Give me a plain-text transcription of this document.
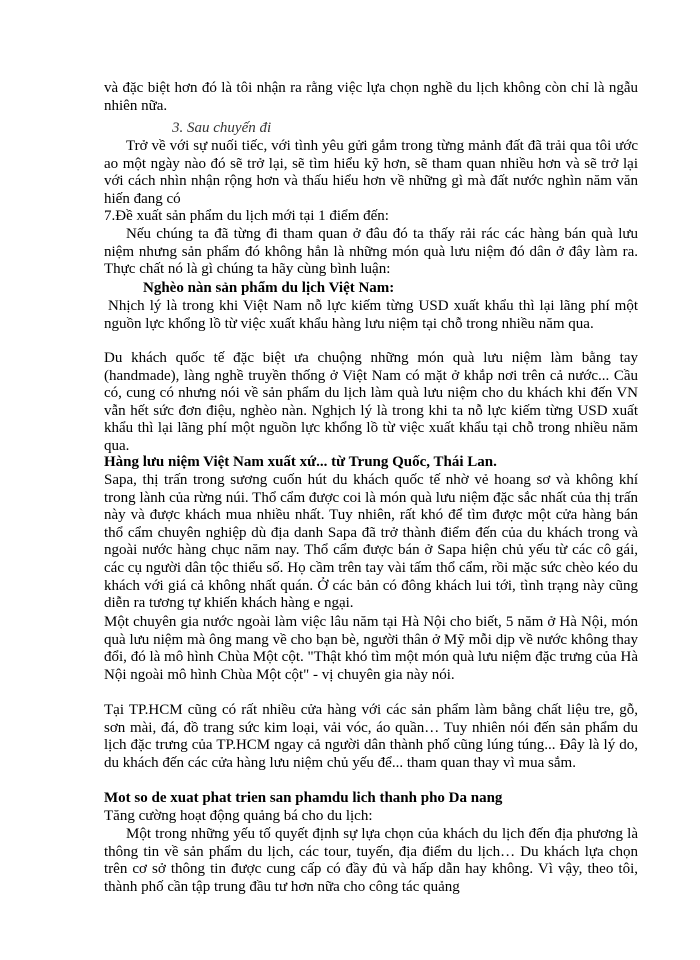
và đặc biệt hơn đó là tôi nhận ra rằng việc lựa chọn nghề du lịch không còn chỉ là ngẫu nhiên nữa.

3. Sau chuyến đi

Trở về với sự nuối tiếc, với tình yêu gửi gắm trong từng mảnh đất đã trải qua tôi ước ao một ngày nào đó sẽ trở lại, sẽ tìm hiểu kỹ hơn, sẽ tham quan nhiều hơn và sẽ trở lại với cách nhìn nhận rộng hơn và thấu hiểu hơn về những gì mà đất nước nghìn năm văn hiến đang có

7.Đề xuất sản phẩm du lịch mới tại 1 điểm đến:

Nếu chúng ta đã từng đi tham quan ở đâu đó ta thấy rải rác các hàng bán quà lưu niệm nhưng sản phẩm đó không hẳn là những món quà lưu niệm đó dân ở đây làm ra. Thực chất nó là gì chúng ta hãy cùng bình luận:

Nghèo nàn sản phẩm du lịch Việt Nam:

Nhịch lý là trong khi Việt Nam nỗ lực kiếm từng USD xuất khẩu thì lại lãng phí một nguồn lực khổng lồ từ việc xuất khẩu hàng lưu niệm tại chỗ trong nhiều năm qua.

Du khách quốc tế đặc biệt ưa chuộng những món quà lưu niệm làm bằng tay (handmade), làng nghề truyền thống ở Việt Nam có mặt ở khắp nơi trên cả nước... Cầu có, cung có nhưng nói về sản phẩm du lịch làm quà lưu niệm cho du khách khi đến VN vẫn hết sức đơn điệu, nghèo nàn. Nghịch lý là trong khi ta nỗ lực kiếm từng USD xuất khẩu thì lại lãng phí một nguồn lực khổng lồ từ việc xuất khẩu tại chỗ trong nhiều năm qua.

Hàng lưu niệm Việt Nam xuất xứ... từ Trung Quốc, Thái Lan.

Sapa, thị trấn trong sương cuốn hút du khách quốc tế nhờ vẻ hoang sơ và không khí trong lành của rừng núi. Thổ cẩm được coi là món quà lưu niệm đặc sắc nhất của thị trấn này và được khách mua nhiều nhất. Tuy nhiên, rất khó để tìm được một cửa hàng bán thổ cẩm chuyên nghiệp dù địa danh Sapa đã trở thành điểm đến của du khách trong và ngoài nước hàng chục năm nay. Thổ cẩm được bán ở Sapa hiện chủ yếu từ các cô gái, các cụ người dân tộc thiểu số. Họ cầm trên tay vài tấm thổ cẩm, rồi mặc sức chèo kéo du khách với giá cả không nhất quán. Ở các bản có đông khách lui tới, tình trạng này cũng diễn ra tương tự khiến khách hàng e ngại.

Một chuyên gia nước ngoài làm việc lâu năm tại Hà Nội cho biết, 5 năm ở Hà Nội, món quà lưu niệm mà ông mang về cho bạn bè, người thân ở Mỹ mỗi dịp về nước không thay đổi, đó là mô hình Chùa Một cột. "Thật khó tìm một món quà lưu niệm đặc trưng của Hà Nội ngoài mô hình Chùa Một cột" - vị chuyên gia này nói.

Tại TP.HCM cũng có rất nhiều cửa hàng với các sản phẩm làm bằng chất liệu tre, gỗ, sơn mài, đá, đồ trang sức kim loại, vải vóc, áo quần… Tuy nhiên nói đến sản phẩm du lịch đặc trưng của TP.HCM ngay cả người dân thành phố cũng lúng túng... Đây là lý do, du khách đến các cửa hàng lưu niệm chủ yếu để... tham quan thay vì mua sắm.

Mot so de xuat phat trien san phamdu lich thanh pho Da nang

Tăng cường hoạt động quảng bá cho du lịch:

Một trong những yếu tố quyết định sự lựa chọn của khách du lịch đến địa phương là thông tin về sản phẩm du lịch, các tour, tuyến, địa điểm du lịch… Du khách lựa chọn trên cơ sở thông tin được cung cấp có đầy đủ và hấp dẫn hay không. Vì vậy, theo tôi, thành phố cần tập trung đầu tư hơn nữa cho công tác quảng
